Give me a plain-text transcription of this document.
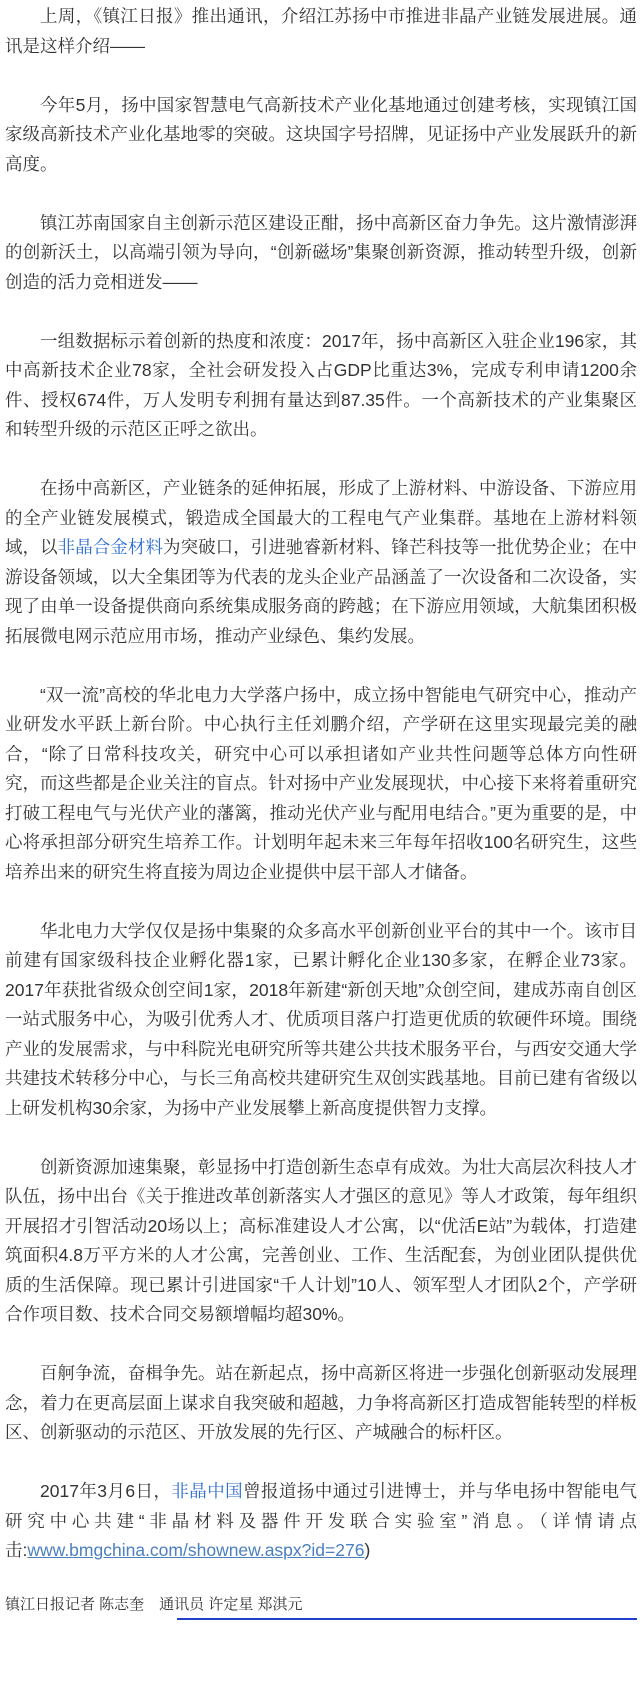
上周，《镇江日报》推出通讯，介绍江苏扬中市推进非晶产业链发展进展。通讯是这样介绍——

今年5月，扬中国家智慧电气高新技术产业化基地通过创建考核，实现镇江国家级高新技术产业化基地零的突破。这块国字号招牌，见证扬中产业发展跃升的新高度。

镇江苏南国家自主创新示范区建设正酣，扬中高新区奋力争先。这片激情澎湃的创新沃土，以高端引领为导向，“创新磁场”集聚创新资源，推动转型升级，创新创造的活力竞相迸发——

一组数据标示着创新的热度和浓度：2017年，扬中高新区入驻企业196家，其中高新技术企业78家，全社会研发投入占GDP比重达3%，完成专利申请1200余件、授权674件，万人发明专利拥有量达到87.35件。一个高新技术的产业集聚区和转型升级的示范区正呼之欲出。

在扬中高新区，产业链条的延伸拓展，形成了上游材料、中游设备、下游应用的全产业链发展模式，锻造成全国最大的工程电气产业集群。基地在上游材料领域，以非晶合金材料为突破口，引进驰睿新材料、锋芒科技等一批优势企业；在中游设备领域，以大全集团等为代表的龙头企业产品涵盖了一次设备和二次设备，实现了由单一设备提供商向系统集成服务商的跨越；在下游应用领域，大航集团积极拓展微电网示范应用市场，推动产业绿色、集约发展。

“双一流”高校的华北电力大学落户扬中，成立扬中智能电气研究中心，推动产业研发水平跃上新台阶。中心执行主任刘鹏介绍，产学研在这里实现最完美的融合，“除了日常科技攻关，研究中心可以承担诸如产业共性问题等总体方向性研究，而这些都是企业关注的盲点。针对扬中产业发展现状，中心接下来将着重研究打破工程电气与光伏产业的藩篱，推动光伏产业与配用电结合。”更为重要的是，中心将承担部分研究生培养工作。计划明年起未来三年每年招收100名研究生，这些培养出来的研究生将直接为周边企业提供中层干部人才储备。

华北电力大学仅仅是扬中集聚的众多高水平创新创业平台的其中一个。该市目前建有国家级科技企业孵化器1家，已累计孵化企业130多家，在孵企业73家。2017年获批省级众创空间1家，2018年新建“新创天地”众创空间，建成苏南自创区一站式服务中心，为吸引优秀人才、优质项目落户打造更优质的软硬件环境。围绕产业的发展需求，与中科院光电研究所等共建公共技术服务平台，与西安交通大学共建技术转移分中心，与长三角高校共建研究生双创实践基地。目前已建有省级以上研发机构30余家，为扬中产业发展攀上新高度提供智力支撑。

创新资源加速集聚，彰显扬中打造创新生态卓有成效。为壮大高层次科技人才队伍，扬中出台《关于推进改革创新落实人才强区的意见》等人才政策，每年组织开展招才引智活动20场以上；高标准建设人才公寓，以“优活E站”为载体，打造建筑面积4.8万平方米的人才公寓，完善创业、工作、生活配套，为创业团队提供优质的生活保障。现已累计引进国家“千人计划”10人、领军型人才团队2个，产学研合作项目数、技术合同交易额增幅均超30%。

百舸争流，奋楫争先。站在新起点，扬中高新区将进一步强化创新驱动发展理念，着力在更高层面上谋求自我突破和超越，力争将高新区打造成智能转型的样板区、创新驱动的示范区、开放发展的先行区、产城融合的标杆区。

2017年3月6日，非晶中国曾报道扬中通过引进博士，并与华电扬中智能电气研究中心共建“非晶材料及器件开发联合实验室”消息。（详情请点击:www.bmgchina.com/shownew.aspx?id=276)

镇江日报记者 陈志奎　通讯员 许定星 郑淇元
